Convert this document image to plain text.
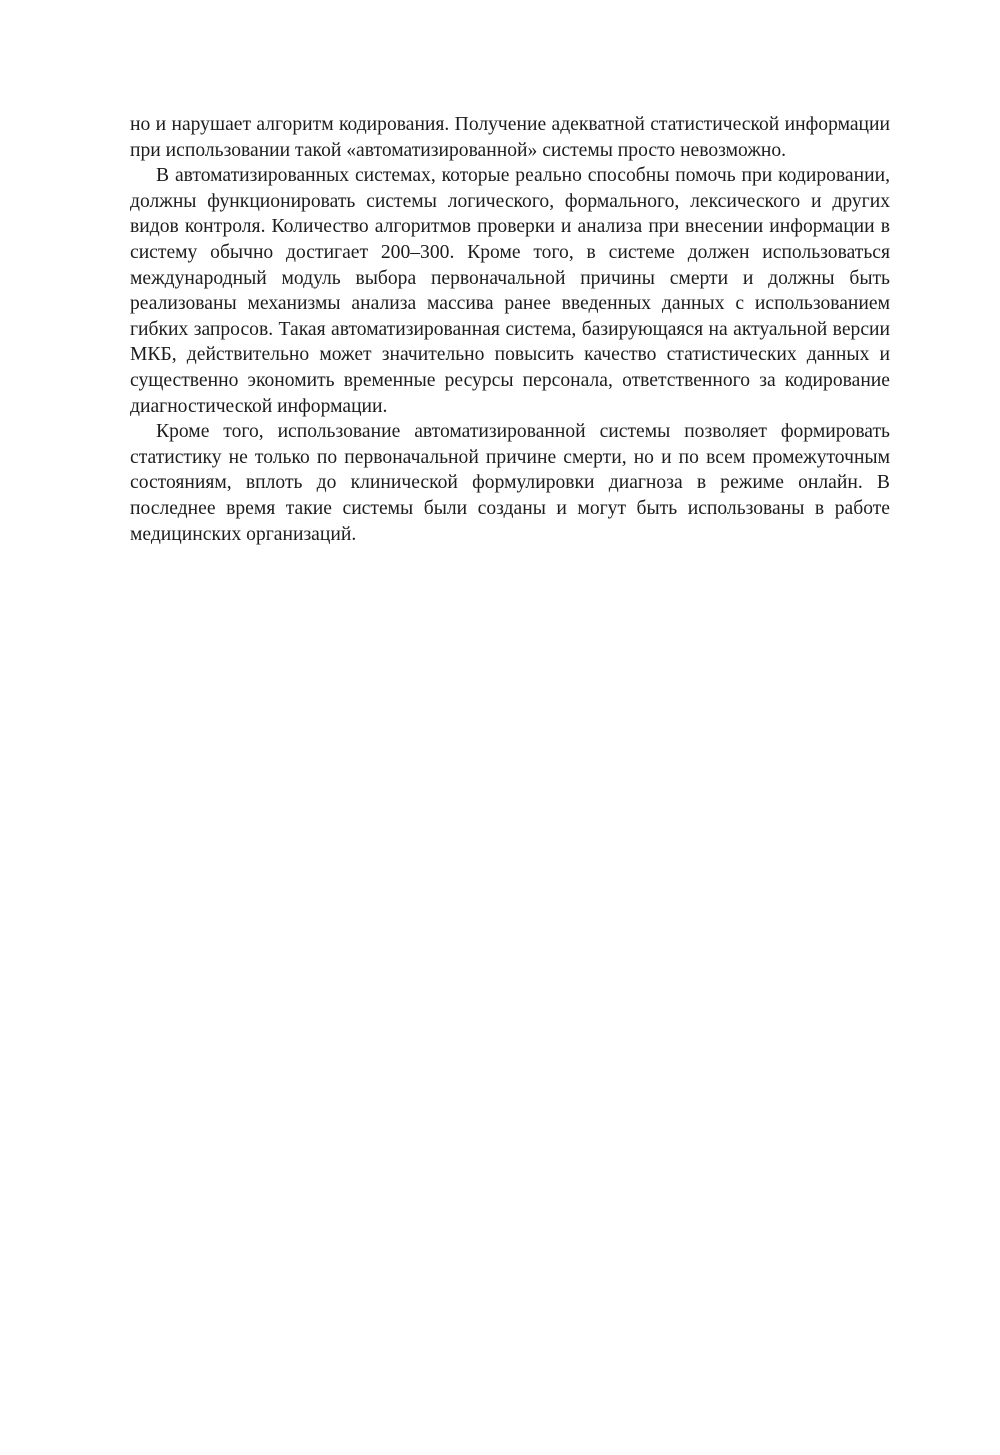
но и нарушает алгоритм кодирования. Получение адекватной статистической информации при использовании такой «автоматизированной» системы просто невозможно.

В автоматизированных системах, которые реально способны помочь при кодировании, должны функционировать системы логического, формального, лексического и других видов контроля. Количество алгоритмов проверки и анализа при внесении информации в систему обычно достигает 200–300. Кроме того, в системе должен использоваться международный модуль выбора первоначальной причины смерти и должны быть реализованы механизмы анализа массива ранее введенных данных с использованием гибких запросов. Такая автоматизированная система, базирующаяся на актуальной версии МКБ, действительно может значительно повысить качество статистических данных и существенно экономить временные ресурсы персонала, ответственного за кодирование диагностической информации.

Кроме того, использование автоматизированной системы позволяет формировать статистику не только по первоначальной причине смерти, но и по всем промежуточным состояниям, вплоть до клинической формулировки диагноза в режиме онлайн. В последнее время такие системы были созданы и могут быть использованы в работе медицинских организаций.
